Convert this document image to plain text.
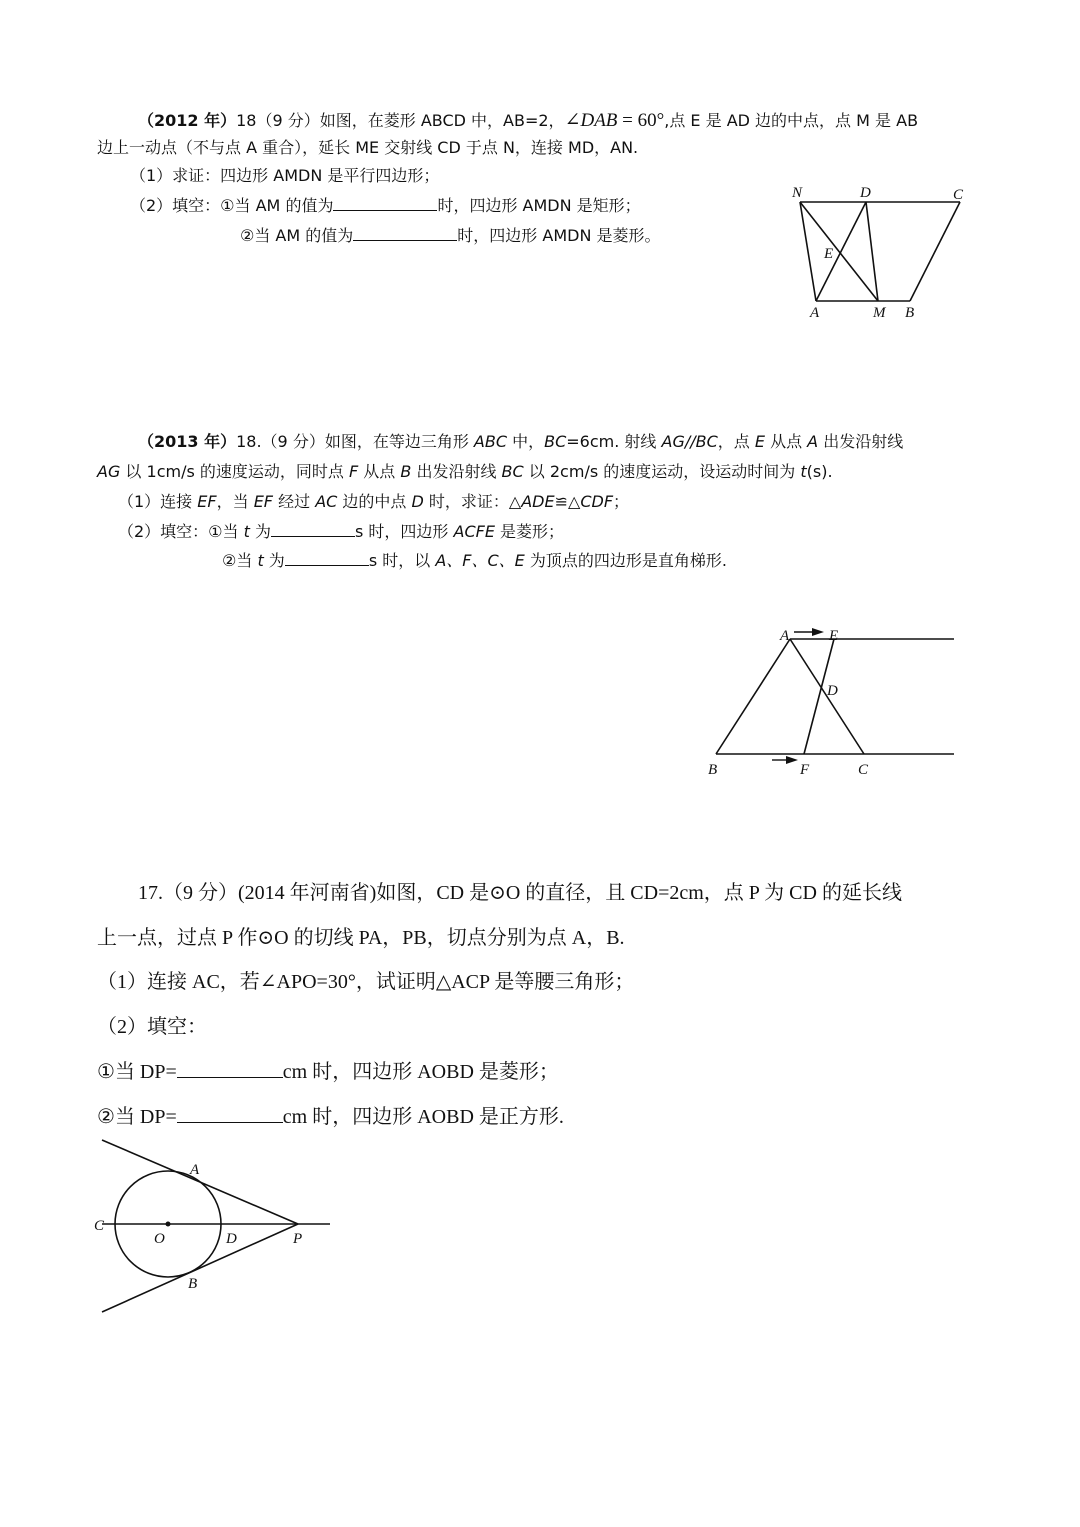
（2012 年）18（9 分）如图，在菱形 ABCD 中，AB=2，∠DAB = 60°,点 E 是 AD 边的中点，点 M 是 AB
边上一动点（不与点 A 重合），延长 ME 交射线 CD 于点 N，连接 MD，AN.
（1）求证：四边形 AMDN 是平行四边形；
（2）填空：①当 AM 的值为	时，四边形 AMDN 是矩形；
②当 AM 的值为	时，四边形 AMDN 是菱形。
N	D	C
E
A	M B
（2013 年）18.（9 分）如图，在等边三角形 ABC 中，BC=6cm. 射线 AG//BC，点 E 从点 A 出发沿射线
AG 以 1cm/s 的速度运动，同时点 F 从点 B 出发沿射线 BC 以 2cm/s 的速度运动，设运动时间为 t(s).
（1）连接 EF，当 EF 经过 AC 边的中点 D 时，求证：△ADE≌△CDF；
（2）填空：①当 t 为	s 时，四边形 ACFE 是菱形；
②当 t 为	s 时，以 A、F、C、E 为顶点的四边形是直角梯形.
A	E
D
B	F	C
17.（9 分）(2014 年河南省)如图，CD 是⊙O 的直径，且 CD=2cm，点 P 为 CD 的延长线
上一点，过点 P 作⊙O 的切线 PA，PB，切点分别为点 A，B.
（1）连接 AC，若∠APO=30°，试证明△ACP 是等腰三角形；
（2）填空：
①当 DP=	cm 时，四边形 AOBD 是菱形；
②当 DP=	cm 时，四边形 AOBD 是正方形.
A
C
O	D	P
B
